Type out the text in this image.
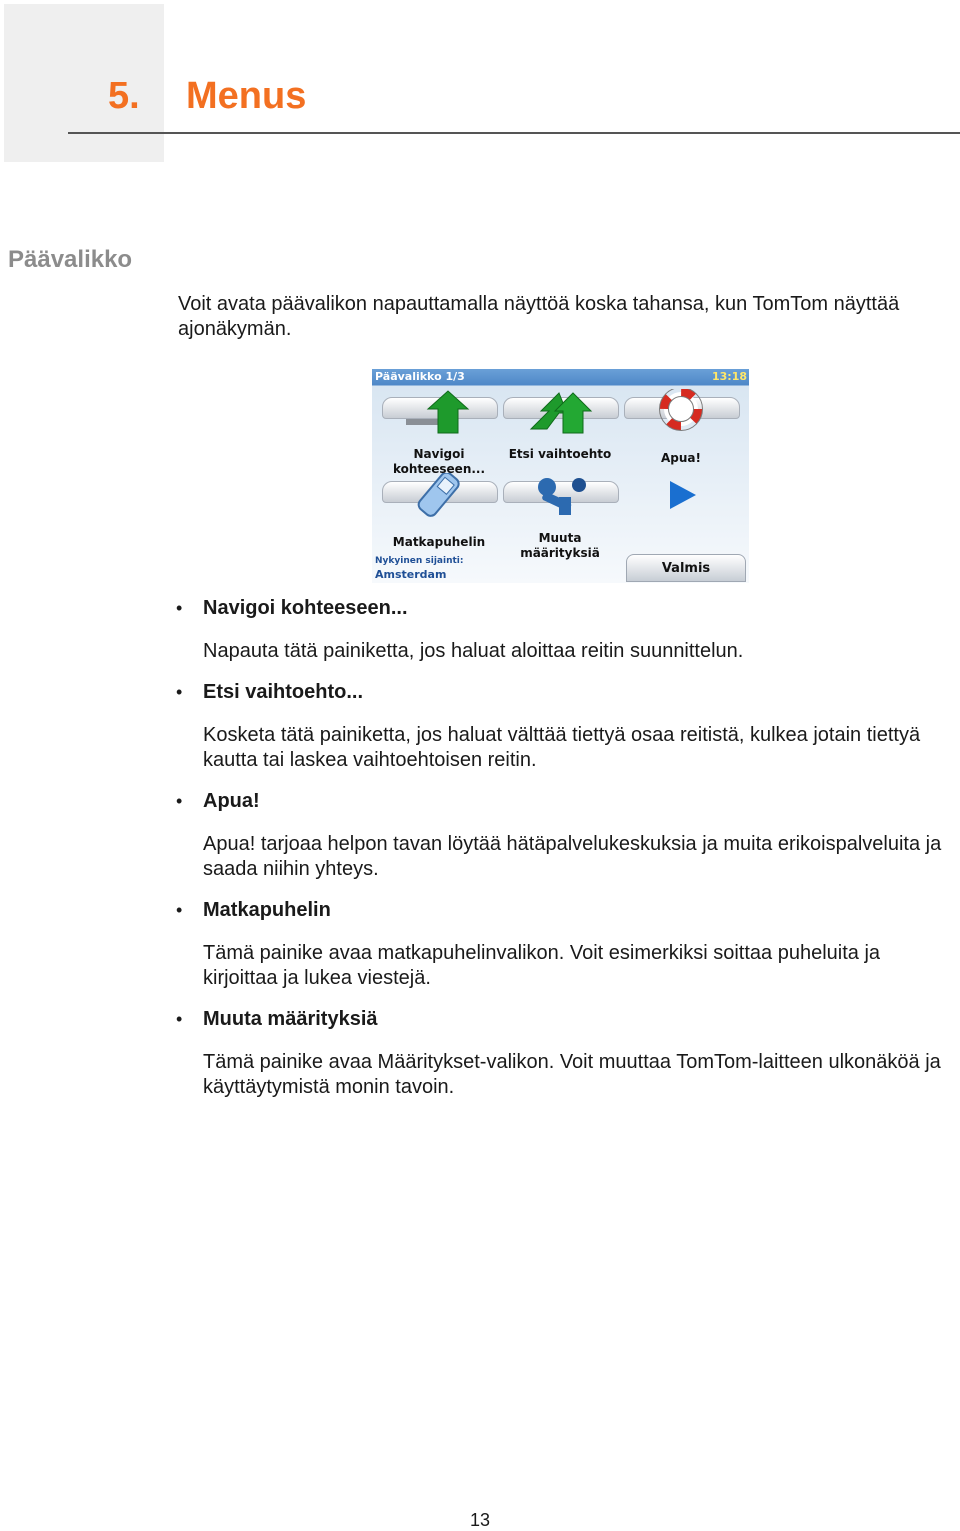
5. Menus
Päävalikko
Voit avata päävalikon napauttamalla näyttöä koska tahansa, kun TomTom näyttää ajonäkymän.
Päävalikko 1/3	13:18
Navigoi kohteeseen...
Etsi vaihtoehto	Apua!
Matkapuhelin	Muuta määrityksiä
Nykyinen sijainti:
Amsterdam	Valmis
• Navigoi kohteeseen...
Napauta tätä painiketta, jos haluat aloittaa reitin suunnittelun.
• Etsi vaihtoehto...
Kosketa tätä painiketta, jos haluat välttää tiettyä osaa reitistä, kulkea jotain tiettyä kautta tai laskea vaihtoehtoisen reitin.
• Apua!
Apua! tarjoaa helpon tavan löytää hätäpalvelukeskuksia ja muita erikoispalveluita ja saada niihin yhteys.
• Matkapuhelin
Tämä painike avaa matkapuhelinvalikon. Voit esimerkiksi soittaa puheluita ja kirjoittaa ja lukea viestejä.
• Muuta määrityksiä
Tämä painike avaa Määritykset-valikon. Voit muuttaa TomTom-laitteen ulkonäköä ja käyttäytymistä monin tavoin.
13
